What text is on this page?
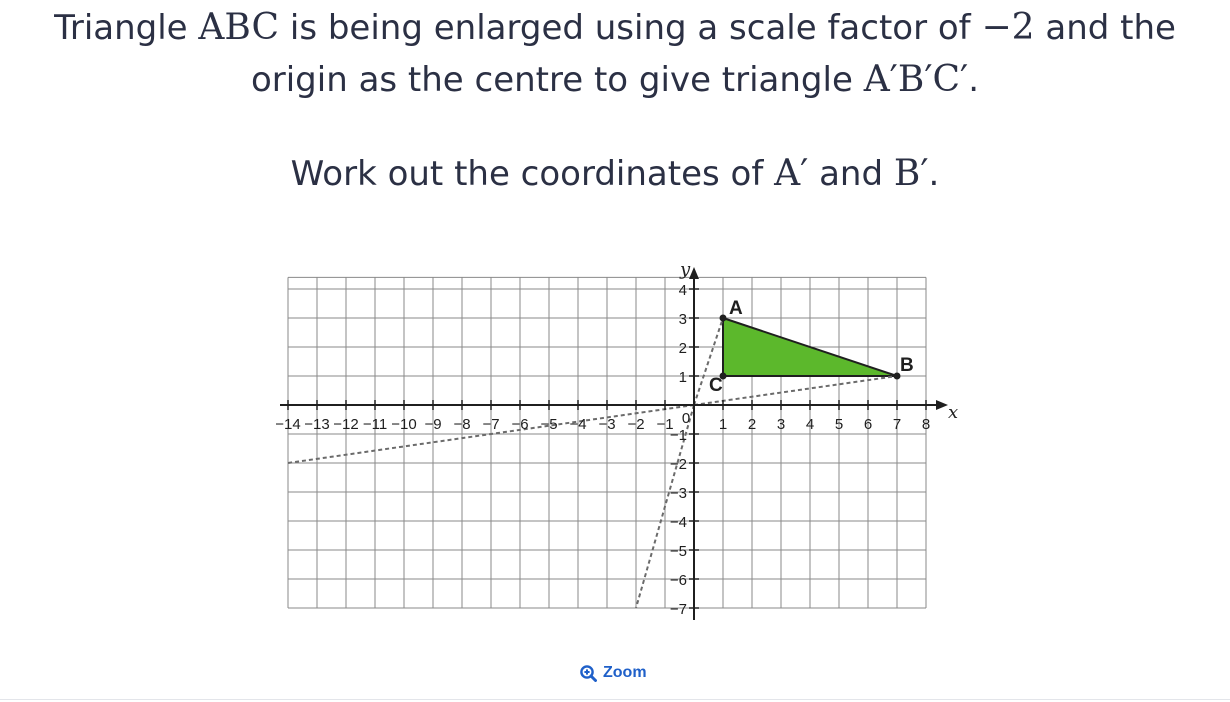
Triangle ABC is being enlarged using a scale factor of −2 and the
origin as the centre to give triangle A′B′C′.
Work out the coordinates of A′ and B′.
x
y
−14 −13 −12 −11 −10 −9 −8 −7 −6 −5 −4 −3 −2 −1	1 2 3 4 5 6 7 8
−7
−6
−5
−4
−3
−2
−1
1
2
3
4
0
A
B
C
Zoom
